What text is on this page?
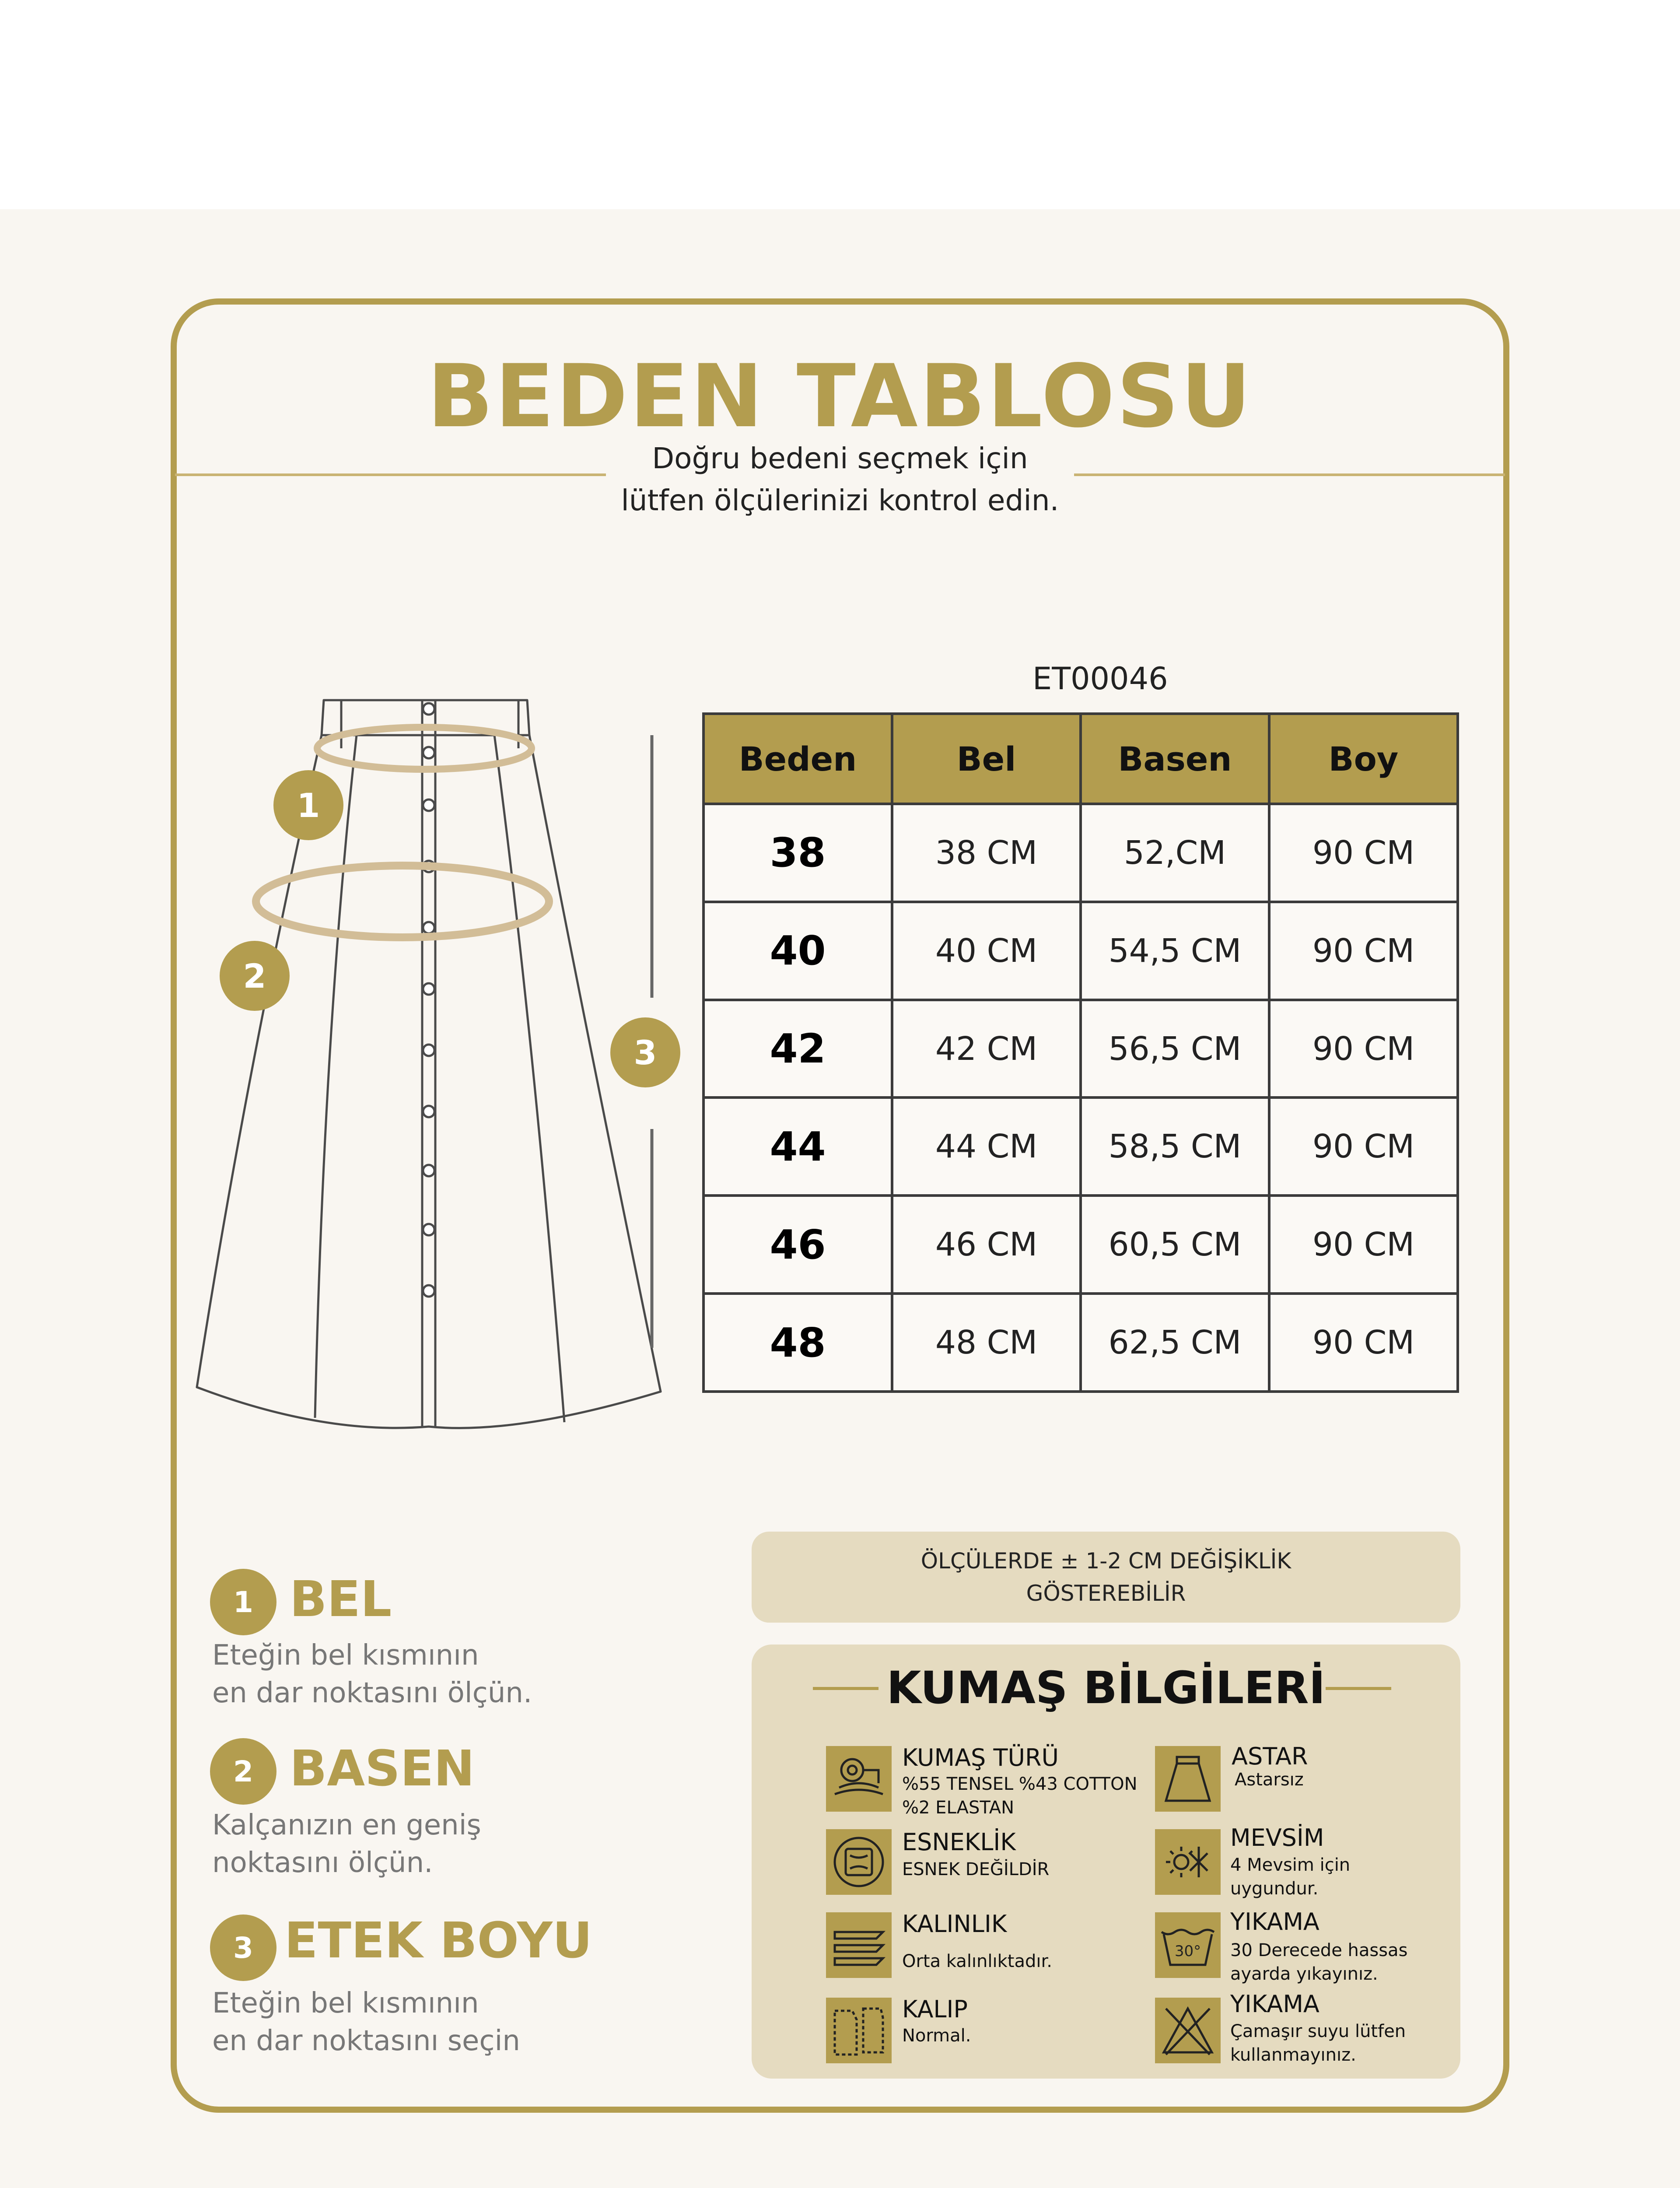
BEDEN TABLOSU
Doğru bedeni seçmek için
lütfen ölçülerinizi kontrol edin.
1
2
3
ET00046
Beden	Bel	Basen	Boy
38	38 CM	52,CM	90 CM
40	40 CM	54,5 CM	90 CM
42	42 CM	56,5 CM	90 CM
44	44 CM	58,5 CM	90 CM
46	46 CM	60,5 CM	90 CM
48	48 CM	62,5 CM	90 CM
1 BEL
Eteğin bel kısmının
en dar noktasını ölçün.
2 BASEN
Kalçanızın en geniş
noktasını ölçün.
3 ETEK BOYU
Eteğin bel kısmının
en dar noktasını seçin
ÖLÇÜLERDE ± 1-2 CM DEĞİŞİKLİK
GÖSTEREBİLİR
KUMAŞ BİLGİLERİ
KUMAŞ TÜRÜ
%55 TENSEL %43 COTTON
%2 ELASTAN
ESNEKLİK
ESNEK DEĞİLDİR
KALINLIK
Orta kalınlıktadır.
KALIP
Normal.
ASTAR
Astarsız
MEVSİM
4 Mevsim için
uygundur.
30°
YIKAMA
30 Derecede hassas
ayarda yıkayınız.
YIKAMA
Çamaşır suyu lütfen
kullanmayınız.
